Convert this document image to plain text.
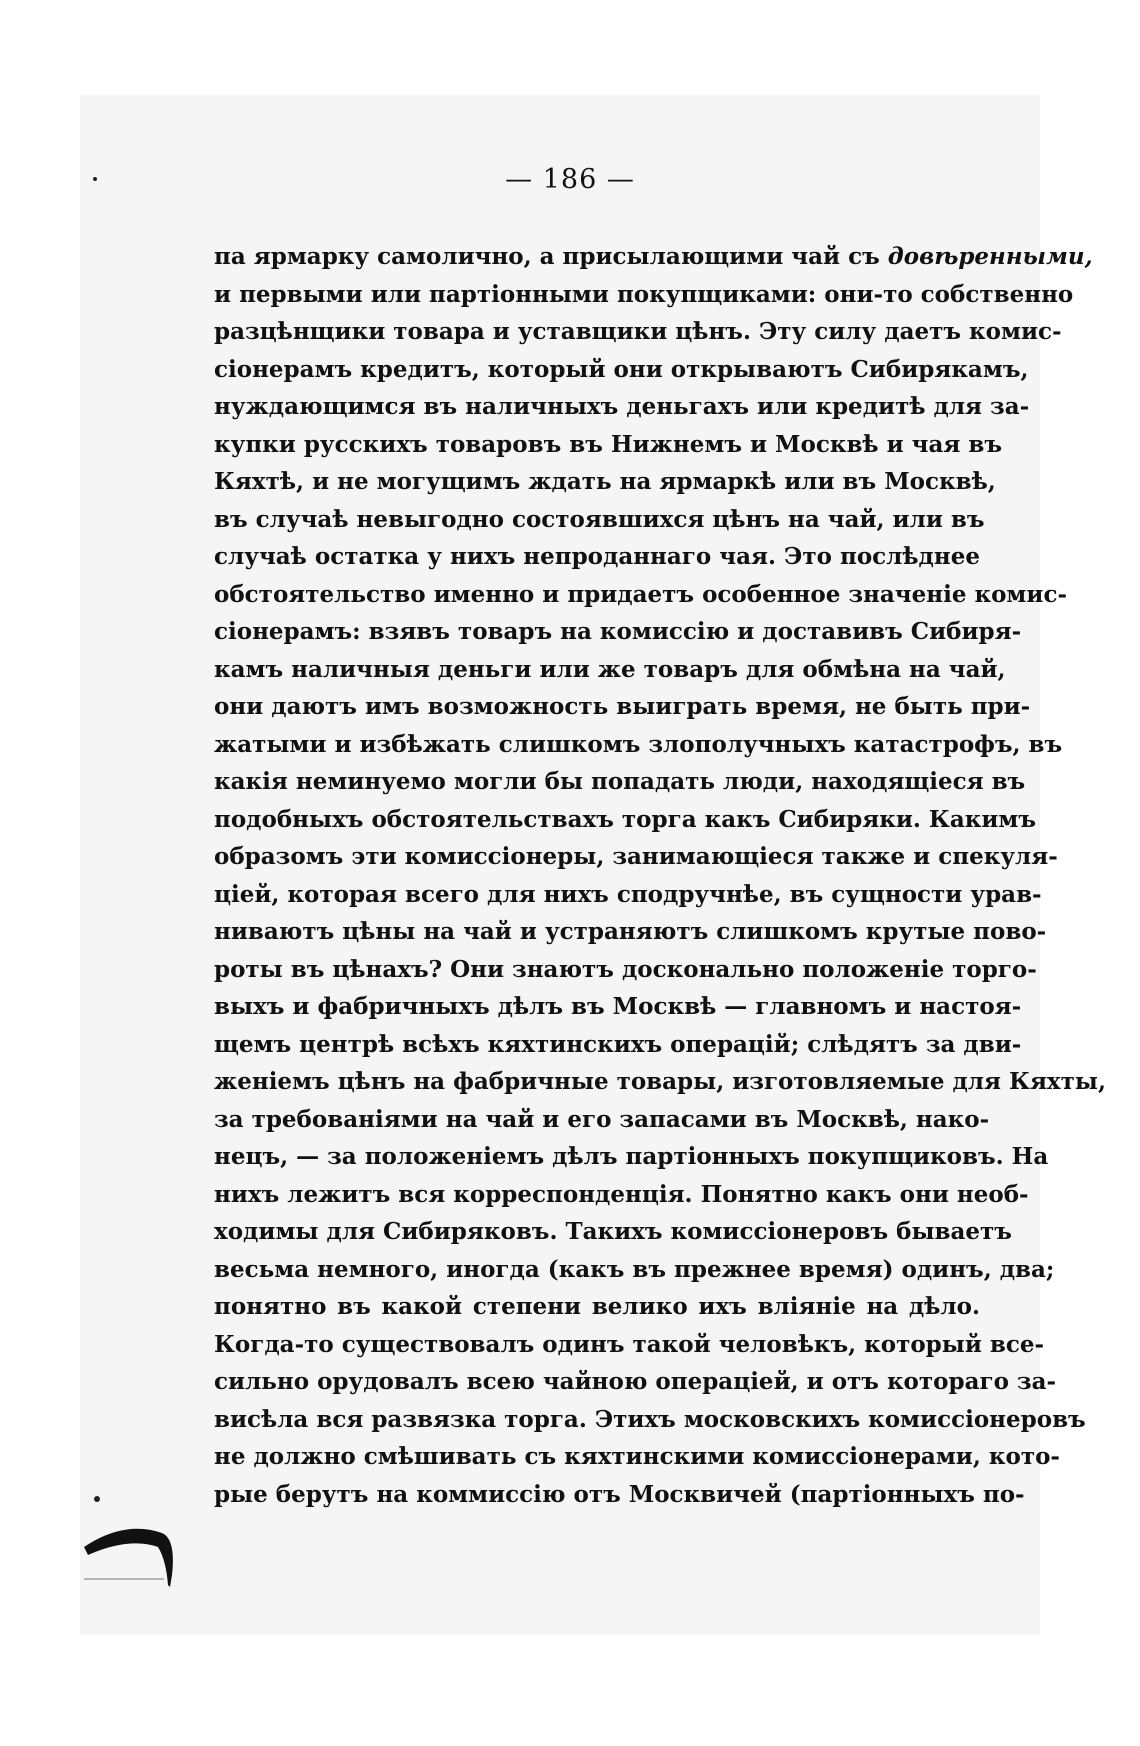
— 186 —
па ярмарку самолично, а присылающими чай съ довѣренными,
и первыми или партіонными покупщиками: они-то собственно
разцѣнщики товара и уставщики цѣнъ. Эту силу даетъ комис-
сіонерамъ кредитъ, который они открываютъ Сибирякамъ,
нуждающимся въ наличныхъ деньгахъ или кредитѣ для за-
купки русскихъ товаровъ въ Нижнемъ и Москвѣ и чая въ
Кяхтѣ, и не могущимъ ждать на ярмаркѣ или въ Москвѣ,
въ случаѣ невыгодно состоявшихся цѣнъ на чай, или въ
случаѣ остатка у нихъ непроданнаго чая. Это послѣднее
обстоятельство именно и придаетъ особенное значеніе комис-
сіонерамъ: взявъ товаръ на комиссію и доставивъ Сибиря-
камъ наличныя деньги или же товаръ для обмѣна на чай,
они даютъ имъ возможность выиграть время, не быть при-
жатыми и избѣжать слишкомъ злополучныхъ катастрофъ, въ
какія неминуемо могли бы попадать люди, находящіеся въ
подобныхъ обстоятельствахъ торга какъ Сибиряки. Какимъ
образомъ эти комиссіонеры, занимающіеся также и спекуля-
ціей, которая всего для нихъ сподручнѣе, въ сущности урав-
ниваютъ цѣны на чай и устраняютъ слишкомъ крутые пово-
роты въ цѣнахъ? Они знаютъ досконально положеніе торго-
выхъ и фабричныхъ дѣлъ въ Москвѣ — главномъ и настоя-
щемъ центрѣ всѣхъ кяхтинскихъ операцій; слѣдятъ за дви-
женіемъ цѣнъ на фабричные товары, изготовляемые для Кяхты,
за требованіями на чай и его запасами въ Москвѣ, нако-
нецъ, — за положеніемъ дѣлъ партіонныхъ покупщиковъ. На
нихъ лежитъ вся корреспонденція. Понятно какъ они необ-
ходимы для Сибиряковъ. Такихъ комиссіонеровъ бываетъ
весьма немного, иногда (какъ въ прежнее время) одинъ, два;
понятно въ какой степени велико ихъ вліяніе на дѣло.
Когда-то существовалъ одинъ такой человѣкъ, который все-
сильно орудовалъ всею чайною операціей, и отъ котораго за-
висѣла вся развязка торга. Этихъ московскихъ комиссіонеровъ
не должно смѣшивать съ кяхтинскими комиссіонерами, кото-
рые берутъ на коммиссію отъ Москвичей (партіонныхъ по-
